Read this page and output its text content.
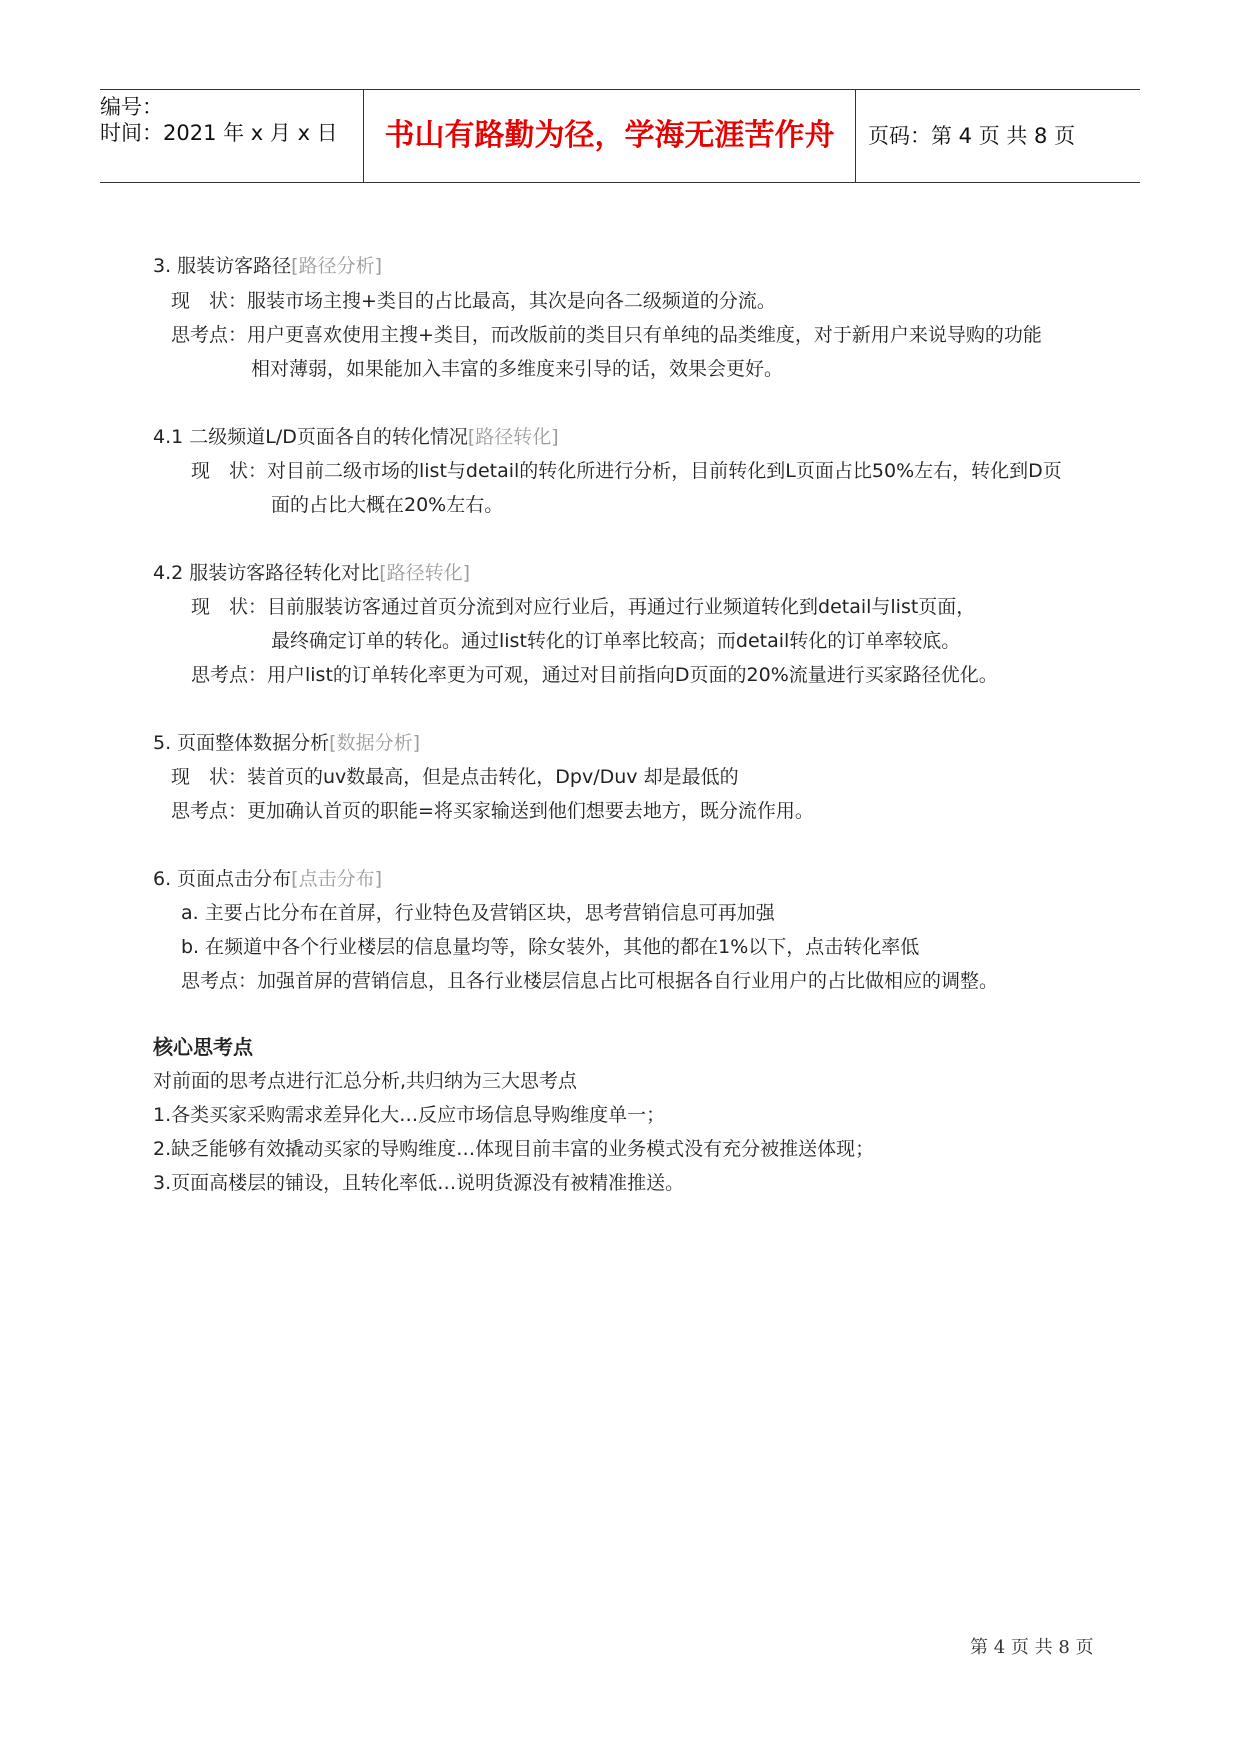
编号：
时间：2021 年 x 月 x 日	书山有路勤为径，学海无涯苦作舟	页码：第 4 页 共 8 页
3. 服装访客路径[路径分析]
现　状：服装市场主搜+类目的占比最高，其次是向各二级频道的分流。
思考点：用户更喜欢使用主搜+类目，而改版前的类目只有单纯的品类维度，对于新用户来说导购的功能
相对薄弱，如果能加入丰富的多维度来引导的话，效果会更好。
4.1 二级频道L/D页面各自的转化情况[路径转化]
现　状：对目前二级市场的list与detail的转化所进行分析，目前转化到L页面占比50%左右，转化到D页
面的占比大概在20%左右。
4.2 服装访客路径转化对比[路径转化]
现　状：目前服装访客通过首页分流到对应行业后，再通过行业频道转化到detail与list页面，
最终确定订单的转化。通过list转化的订单率比较高；而detail转化的订单率较底。
思考点：用户list的订单转化率更为可观，通过对目前指向D页面的20%流量进行买家路径优化。
5. 页面整体数据分析[数据分析]
现　状：装首页的uv数最高，但是点击转化，Dpv/Duv 却是最低的
思考点：更加确认首页的职能=将买家输送到他们想要去地方，既分流作用。
6. 页面点击分布[点击分布]
a. 主要占比分布在首屏，行业特色及营销区块，思考营销信息可再加强
b. 在频道中各个行业楼层的信息量均等，除女装外，其他的都在1%以下，点击转化率低
思考点：加强首屏的营销信息，且各行业楼层信息占比可根据各自行业用户的占比做相应的调整。
核心思考点
对前面的思考点进行汇总分析,共归纳为三大思考点
1.各类买家采购需求差异化大…反应市场信息导购维度单一；
2.缺乏能够有效撬动买家的导购维度…体现目前丰富的业务模式没有充分被推送体现；
3.页面高楼层的铺设，且转化率低…说明货源没有被精准推送。
第 4 页 共 8 页
